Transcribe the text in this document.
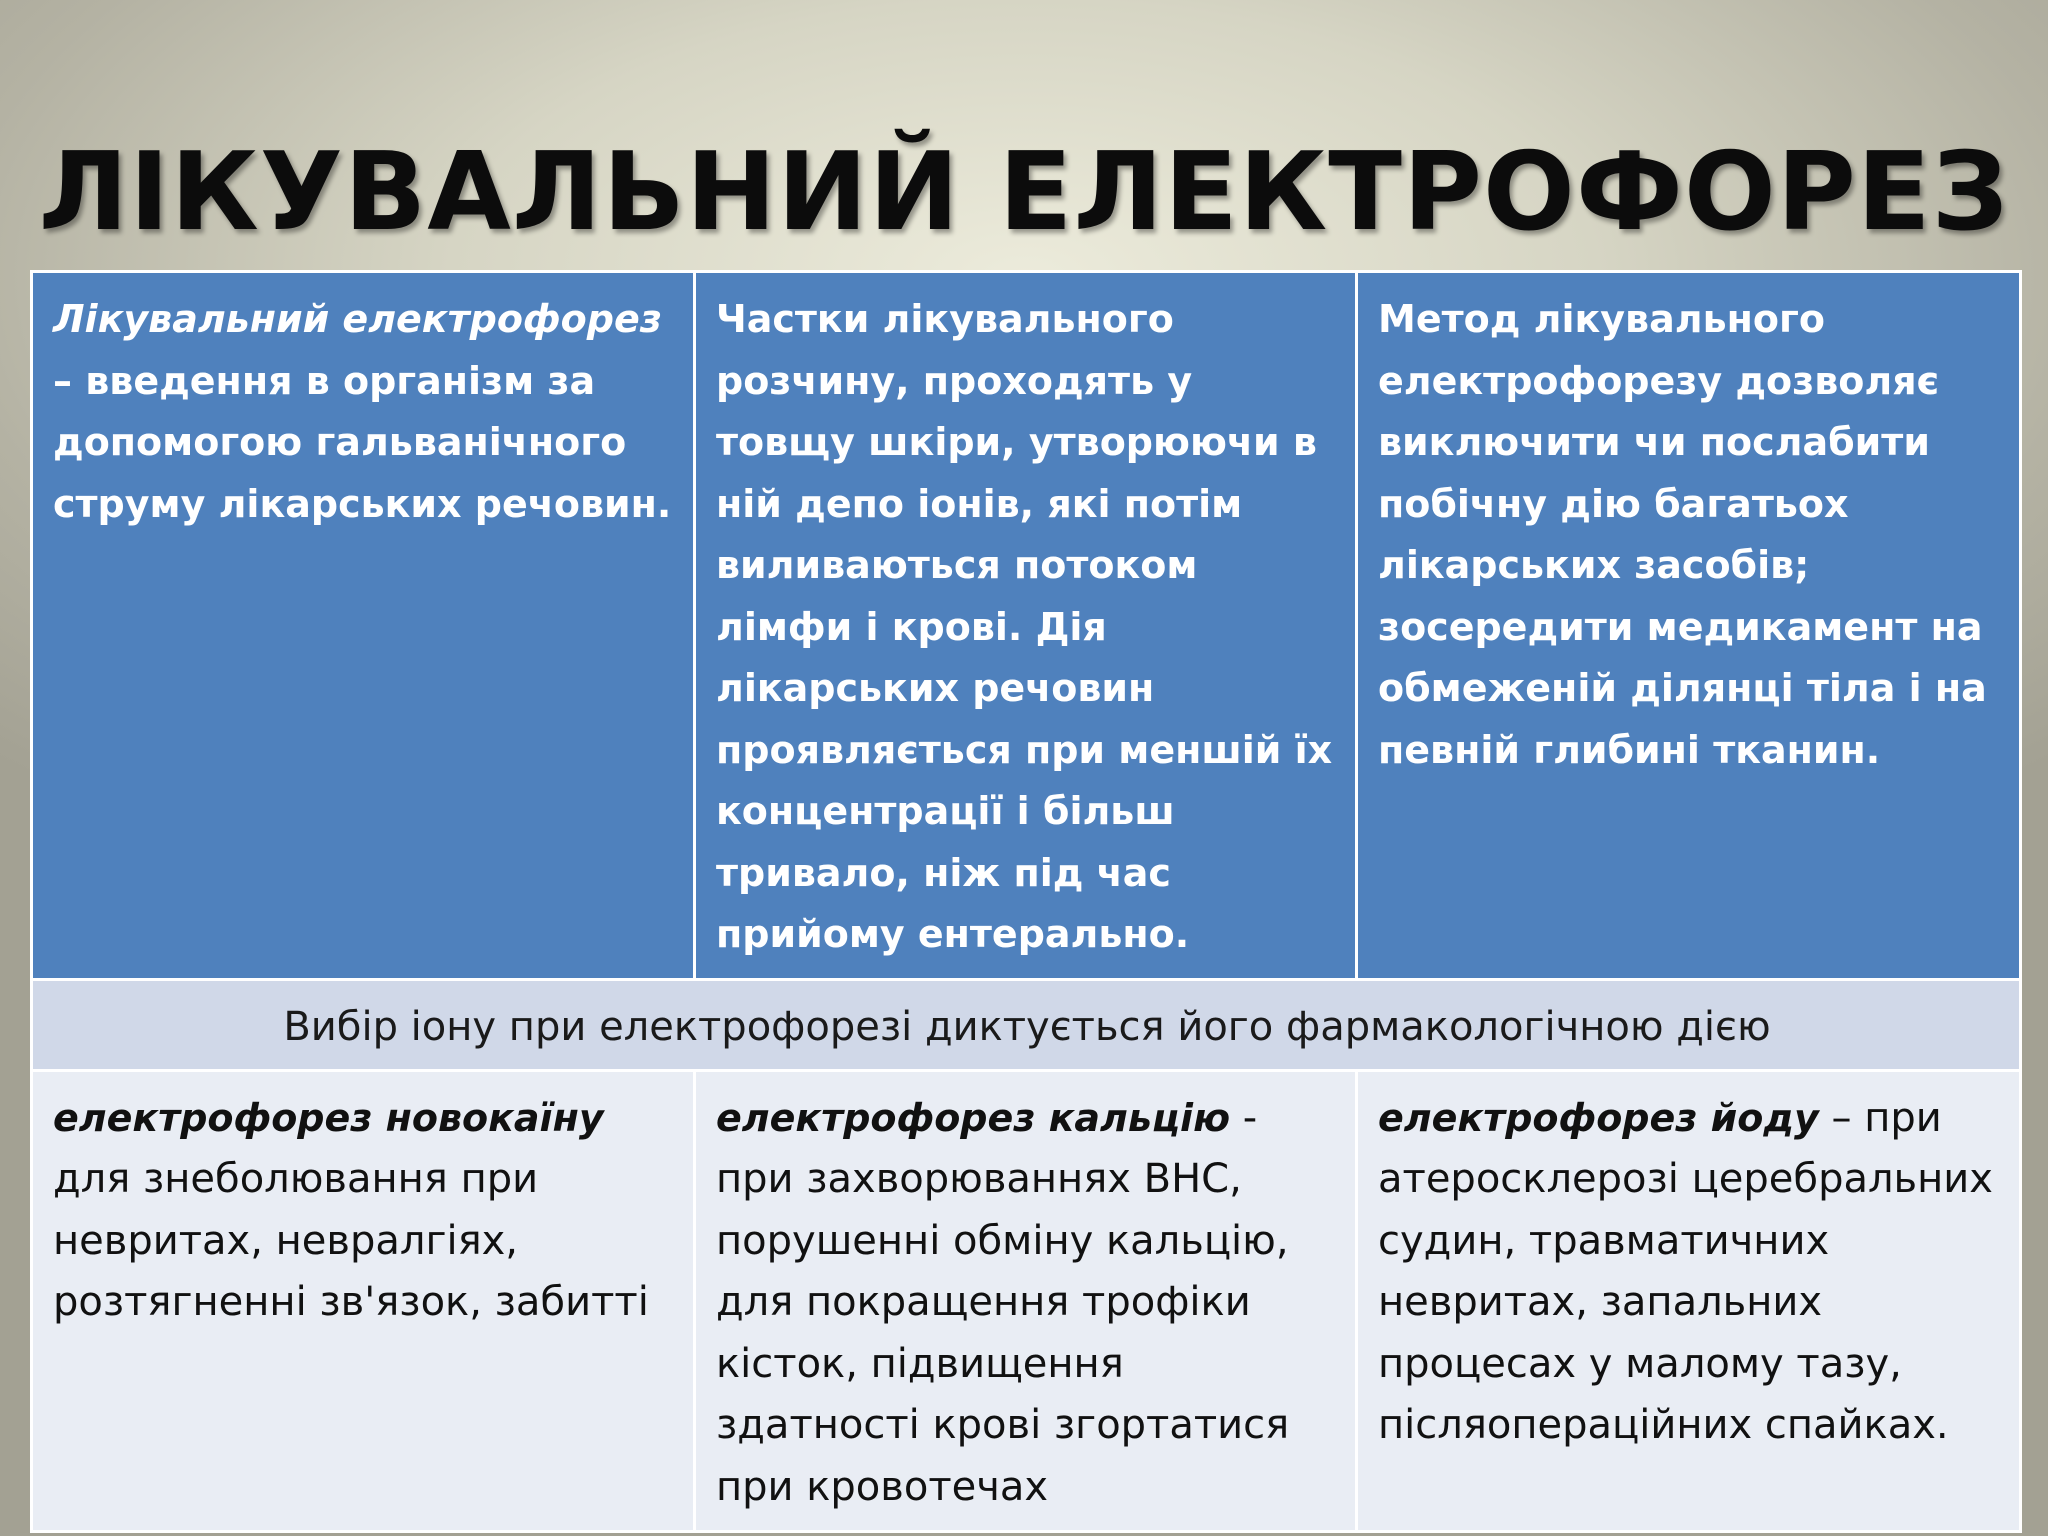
ЛІКУВАЛЬНИЙ ЕЛЕКТРОФОРЕЗ
Лікувальний електрофорез – введення в організм за допомогою гальванічного струму лікарських речовин.	Частки лікувального розчину, проходять у товщу шкіри, утворюючи в ній депо іонів, які потім виливаються потоком лімфи і крові. Дія лікарських речовин проявляється при меншій їх концентрації і більш тривало, ніж під час прийому ентерально.	Метод лікувального електрофорезу дозволяє виключити чи послабити побічну дію багатьох лікарських засобів; зосередити медикамент на обмеженій ділянці тіла і на певній глибині тканин.
Вибір іону при електрофорезі диктується його фармакологічною дією		
електрофорез новокаїну для знеболювання при невритах, невралгіях, розтягненні зв'язок, забитті	електрофорез кальцію - при захворюваннях ВНС, порушенні обміну кальцію, для покращення трофіки кісток, підвищення здатності крові згортатися при кровотечах	електрофорез йоду – при атеросклерозі церебральних судин, травматичних невритах, запальних процесах у малому тазу, післяопераційних спайках.
